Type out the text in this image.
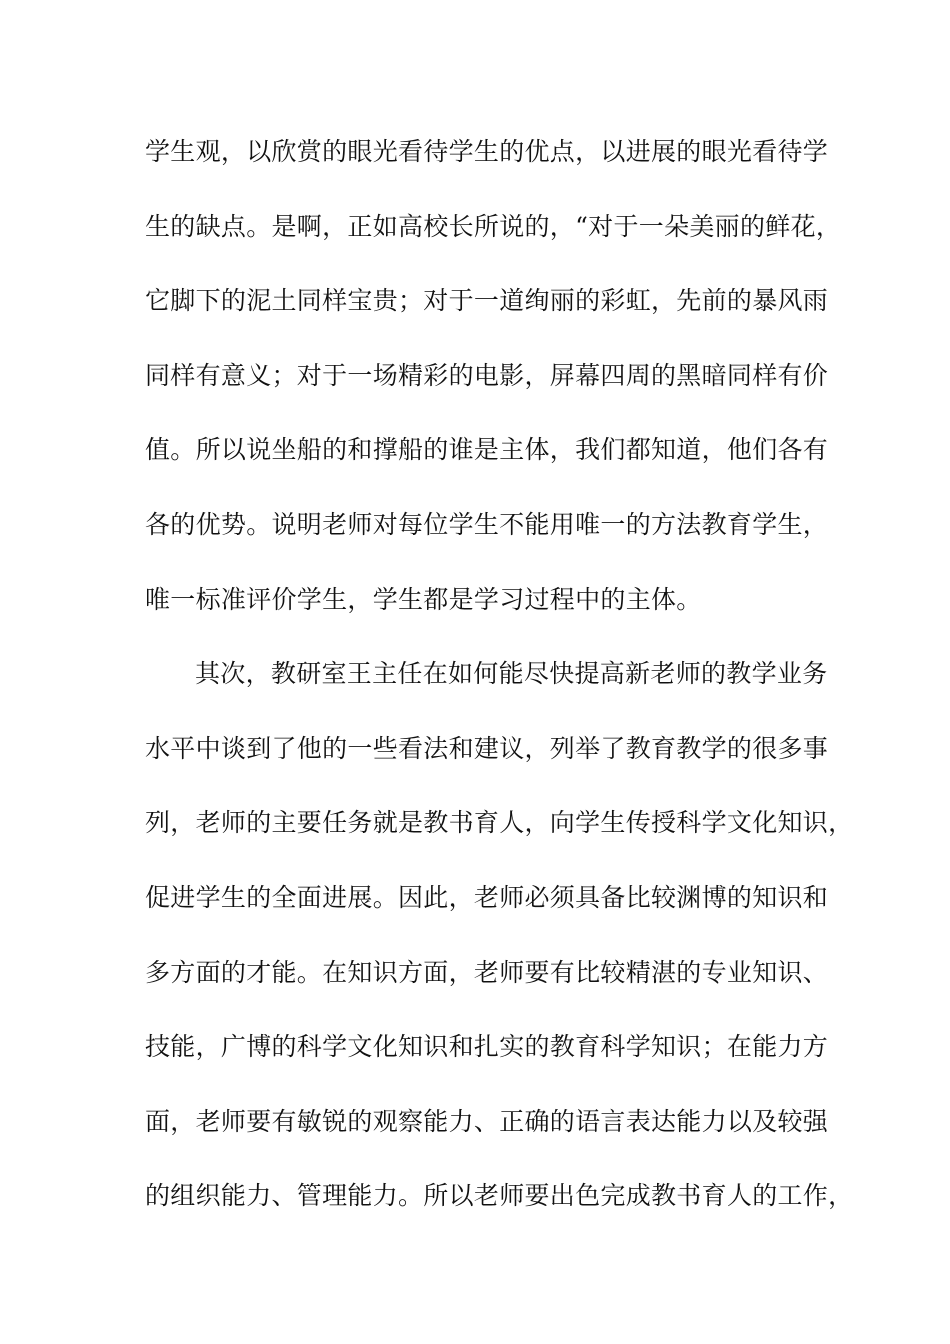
学生观，以欣赏的眼光看待学生的优点，以进展的眼光看待学
生的缺点。是啊，正如高校长所说的，“对于一朵美丽的鲜花，
它脚下的泥土同样宝贵；对于一道绚丽的彩虹，先前的暴风雨
同样有意义；对于一场精彩的电影，屏幕四周的黑暗同样有价
值。所以说坐船的和撑船的谁是主体，我们都知道，他们各有
各的优势。说明老师对每位学生不能用唯一的方法教育学生，
唯一标准评价学生，学生都是学习过程中的主体。
其次，教研室王主任在如何能尽快提高新老师的教学业务
水平中谈到了他的一些看法和建议，列举了教育教学的很多事
列，老师的主要任务就是教书育人，向学生传授科学文化知识，
促进学生的全面进展。因此，老师必须具备比较渊博的知识和
多方面的才能。在知识方面，老师要有比较精湛的专业知识、
技能，广博的科学文化知识和扎实的教育科学知识；在能力方
面，老师要有敏锐的观察能力、正确的语言表达能力以及较强
的组织能力、管理能力。所以老师要出色完成教书育人的工作，
